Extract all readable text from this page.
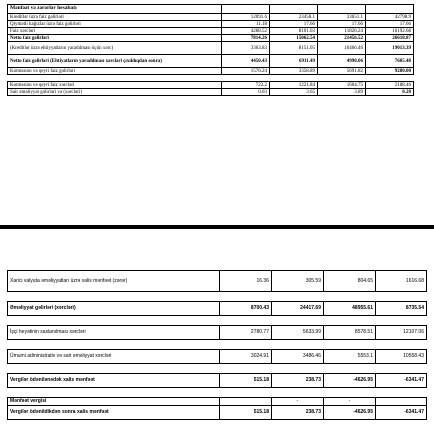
Mənfəət və zərərlər hesabatı				
Kreditlər üzrə faiz gəlirləri	12091.6	23458.1	33651.1	42798.9
Qiymətli kağızlar üzrə faiz gəlirləri	11.18	17.66	17.66	17.66
Faiz xərcləri	4288.52	8101.03	11826.24	16192.68
Netto faiz gəlirləri	7814.26	15062.54	21456.52	26618.87
(Kreditlər üzrə ehtiyyatların yaradılması üçün xərc)	3363.83	8151.05	16466.46	19013.39
Netto faiz gəlirləri (Ehtiyatların yaradılması xərcləri çıxıldıqdan sonra)	4450.43	6911.49	4990.06	7605.48
Komission və qeyri faiz gəlirləri	1576.24	3358.89	5691.82	9280.00

Komission və qeyri faiz xərcləri	722.2	1221.84	1604.75	2188.46
Sair əməliyyat gəlirləri və (xərcləri)	0.03	3.65	3.89	0.28
Xarici valyuta əməliyyatları üzrə xalis mənfəət (zərər)	16.36	305.59	804.65	1616.68

Əməliyyat gəlirləri (xərcləri)	8700.43	24417.69	48955.61	8735.54

İşçi heyətinin saxlanılması xərcləri	2780.77	5633.99	8578.51	12107.06

Ümumi administrativ və sair əməliyyat xərcləri	3024.91	3486.46	5553.1	10558.43

Vergilər ödənilənədək xalis mənfəət	515.18	238.73	-4626.95	-6341.47

Mənfəət vergisi		-	-	
Vergilər ödənildikdən sonra xalis mənfəət	515.18	238.73	-4626.95	-6341.47
